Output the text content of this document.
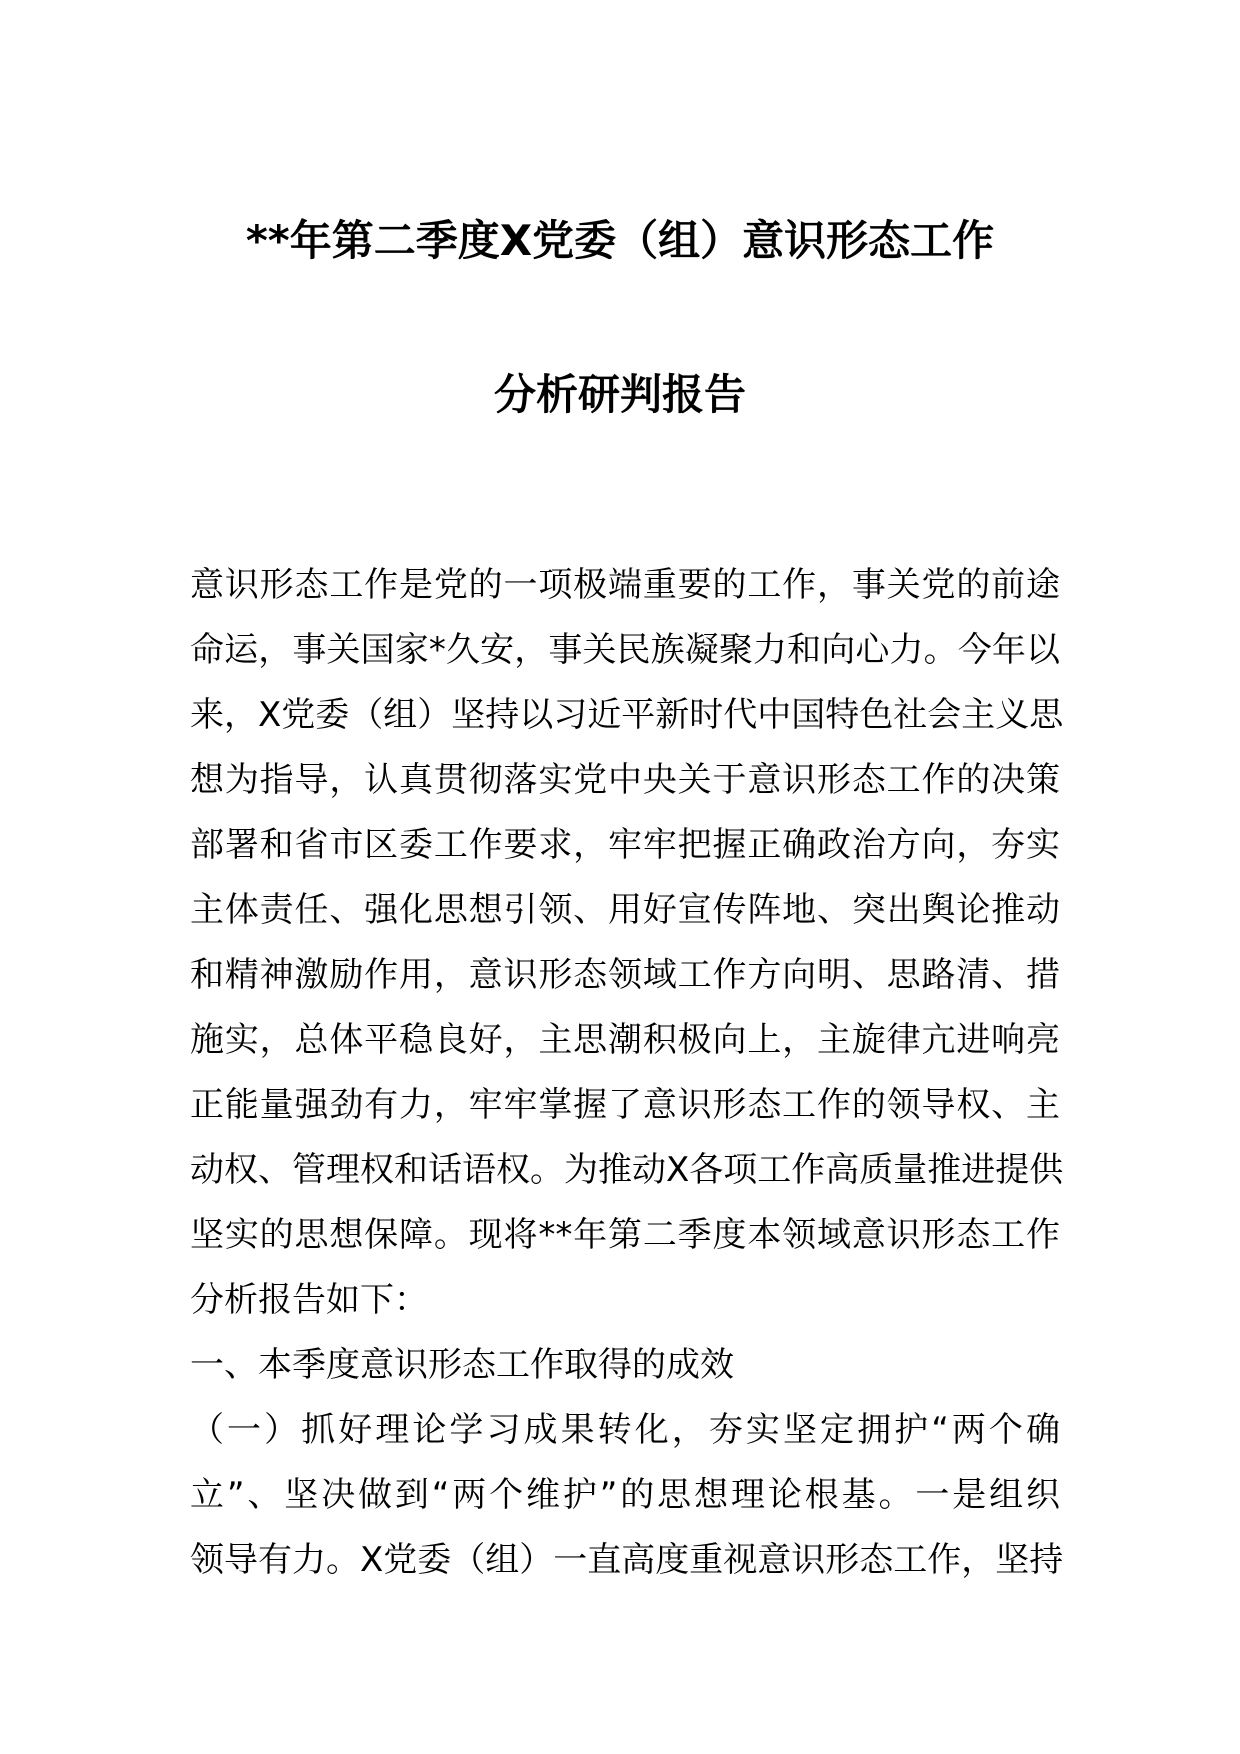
**年第二季度X党委（组）意识形态工作
分析研判报告
意识形态工作是党的一项极端重要的工作，事关党的前途
命运，事关国家*久安，事关民族凝聚力和向心力。今年以
来，X党委（组）坚持以习近平新时代中国特色社会主义思
想为指导，认真贯彻落实党中央关于意识形态工作的决策
部署和省市区委工作要求，牢牢把握正确政治方向，夯实
主体责任、强化思想引领、用好宣传阵地、突出舆论推动
和精神激励作用，意识形态领域工作方向明、思路清、措
施实，总体平稳良好，主思潮积极向上，主旋律亢进响亮
正能量强劲有力，牢牢掌握了意识形态工作的领导权、主
动权、管理权和话语权。为推动X各项工作高质量推进提供
坚实的思想保障。现将**年第二季度本领域意识形态工作
分析报告如下：
一、本季度意识形态工作取得的成效
（一）抓好理论学习成果转化，夯实坚定拥护“两个确
立”、坚决做到“两个维护”的思想理论根基。一是组织
领导有力。X党委（组）一直高度重视意识形态工作，坚持
